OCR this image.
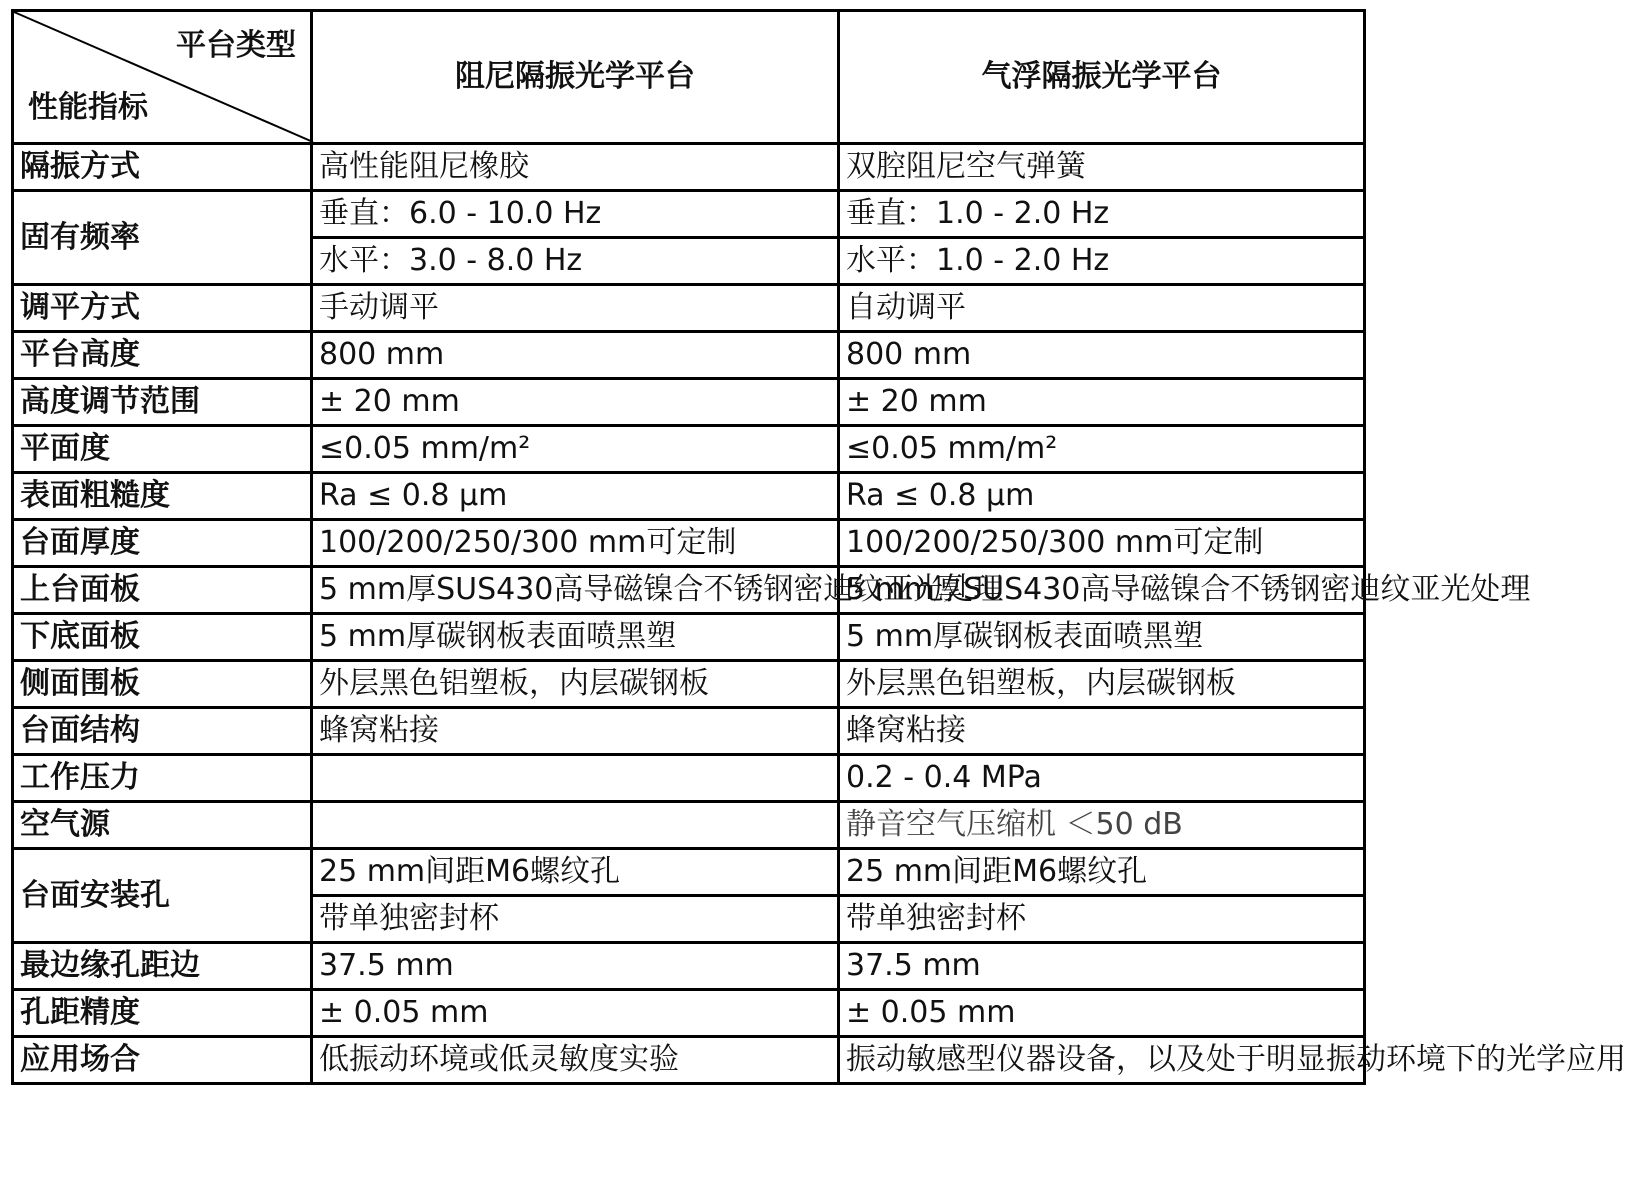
平台类型
性能指标	阻尼隔振光学平台	气浮隔振光学平台
隔振方式	高性能阻尼橡胶	双腔阻尼空气弹簧
固有频率	垂直：6.0 - 10.0 Hz	垂直：1.0 - 2.0 Hz
	水平：3.0 - 8.0 Hz	水平：1.0 - 2.0 Hz
调平方式	手动调平	自动调平
平台高度	800 mm	800 mm
高度调节范围	± 20 mm	± 20 mm
平面度	≤0.05 mm/m²	≤0.05 mm/m²
表面粗糙度	Ra ≤ 0.8 μm	Ra ≤ 0.8 μm
台面厚度	100/200/250/300 mm可定制	100/200/250/300 mm可定制
上台面板	5 mm厚SUS430高导磁镍合不锈钢密迪纹亚光处理	5 mm厚SUS430高导磁镍合不锈钢密迪纹亚光处理
下底面板	5 mm厚碳钢板表面喷黑塑	5 mm厚碳钢板表面喷黑塑
侧面围板	外层黑色铝塑板，内层碳钢板	外层黑色铝塑板，内层碳钢板
台面结构	蜂窝粘接	蜂窝粘接
工作压力		0.2 - 0.4 MPa
空气源		静音空气压缩机 ＜50 dB
台面安装孔	25 mm间距M6螺纹孔	25 mm间距M6螺纹孔
	带单独密封杯	带单独密封杯
最边缘孔距边	37.5 mm	37.5 mm
孔距精度	± 0.05 mm	± 0.05 mm
应用场合	低振动环境或低灵敏度实验	振动敏感型仪器设备，以及处于明显振动环境下的光学应用
